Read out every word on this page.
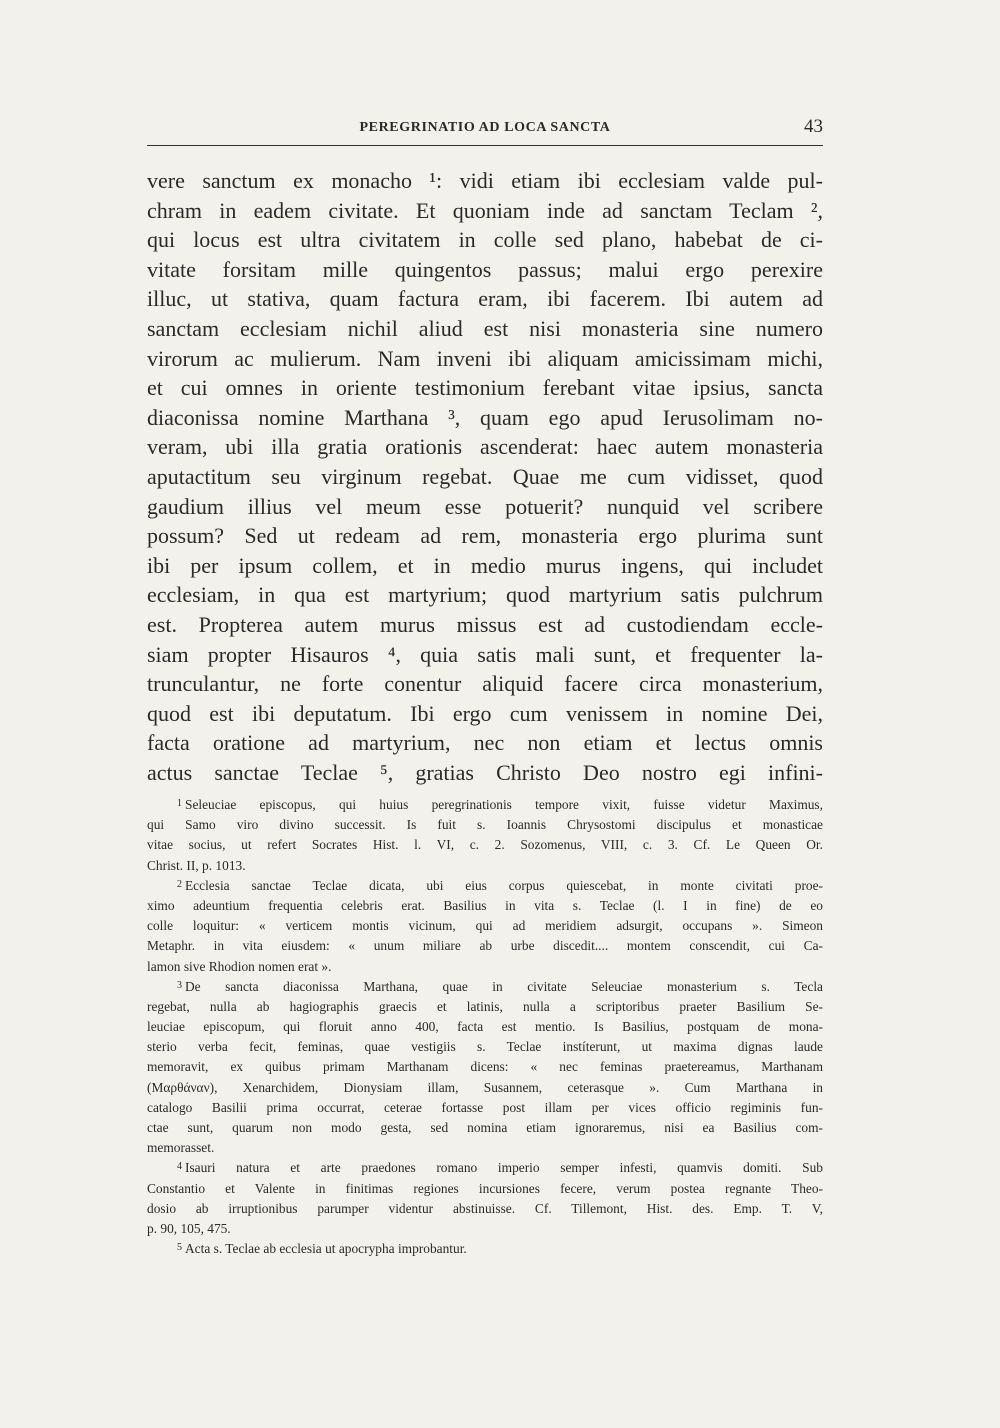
PEREGRINATIO AD LOCA SANCTA	43
vere sanctum ex monacho ¹: vidi etiam ibi ecclesiam valde pul-
chram in eadem civitate. Et quoniam inde ad sanctam Teclam ²,
qui locus est ultra civitatem in colle sed plano, habebat de ci-
vitate forsitam mille quingentos passus; malui ergo perexire
illuc, ut stativa, quam factura eram, ibi facerem. Ibi autem ad
sanctam ecclesiam nichil aliud est nisi monasteria sine numero
virorum ac mulierum. Nam inveni ibi aliquam amicissimam michi,
et cui omnes in oriente testimonium ferebant vitae ipsius, sancta
diaconissa nomine Marthana ³, quam ego apud Ierusolimam no-
veram, ubi illa gratia orationis ascenderat: haec autem monasteria
aputactitum seu virginum regebat. Quae me cum vidisset, quod
gaudium illius vel meum esse potuerit? nunquid vel scribere
possum? Sed ut redeam ad rem, monasteria ergo plurima sunt
ibi per ipsum collem, et in medio murus ingens, qui includet
ecclesiam, in qua est martyrium; quod martyrium satis pulchrum
est. Propterea autem murus missus est ad custodiendam eccle-
siam propter Hisauros ⁴, quia satis mali sunt, et frequenter la-
trunculantur, ne forte conentur aliquid facere circa monasterium,
quod est ibi deputatum. Ibi ergo cum venissem in nomine Dei,
facta oratione ad martyrium, nec non etiam et lectus omnis
actus sanctae Teclae ⁵, gratias Christo Deo nostro egi infini-
$^1$ Seleuciae episcopus, qui huius peregrinationis tempore vixit, fuisse videtur Maximus,
qui Samo viro divino successit. Is fuit s. Ioannis Chrysostomi discipulus et monasticae
vitae socius, ut refert Socrates Hist. l. VI, c. 2. Sozomenus, VIII, c. 3. Cf. Le Queen Or.
Christ. II, p. 1013.
$^2$ Ecclesia sanctae Teclae dicata, ubi eius corpus quiescebat, in monte civitati proe-
ximo adeuntium frequentia celebris erat. Basilius in vita s. Teclae (l. I in fine) de eo
colle loquitur: « verticem montis vicinum, qui ad meridiem adsurgit, occupans ». Simeon
Metaphr. in vita eiusdem: « unum miliare ab urbe discedit.... montem conscendit, cui Ca-
lamon sive Rhodion nomen erat ».
$^3$ De sancta diaconissa Marthana, quae in civitate Seleuciae monasterium s. Tecla
regebat, nulla ab hagiographis graecis et latinis, nulla a scriptoribus praeter Basilium Se-
leuciae episcopum, qui floruit anno 400, facta est mentio. Is Basilius, postquam de mona-
sterio verba fecit, feminas, quae vestigiis s. Teclae instíterunt, ut maxima dignas laude
memoravit, ex quibus primam Marthanam dicens: « nec feminas praetereamus, Marthanam
(Μαρθάναν), Xenarchidem, Dionysiam illam, Susannem, ceterasque ». Cum Marthana in
catalogo Basilii prima occurrat, ceterae fortasse post illam per vices officio regiminis fun-
ctae sunt, quarum non modo gesta, sed nomina etiam ignoraremus, nisi ea Basilius com-
memorasset.
$^4$ Isauri natura et arte praedones romano imperio semper infesti, quamvis domiti. Sub
Constantio et Valente in finitimas regiones incursiones fecere, verum postea regnante Theo-
dosio ab irruptionibus parumper videntur abstinuisse. Cf. Tillemont, Hist. des. Emp. T. V,
p. 90, 105, 475.
$^5$ Acta s. Teclae ab ecclesia ut apocrypha improbantur.
